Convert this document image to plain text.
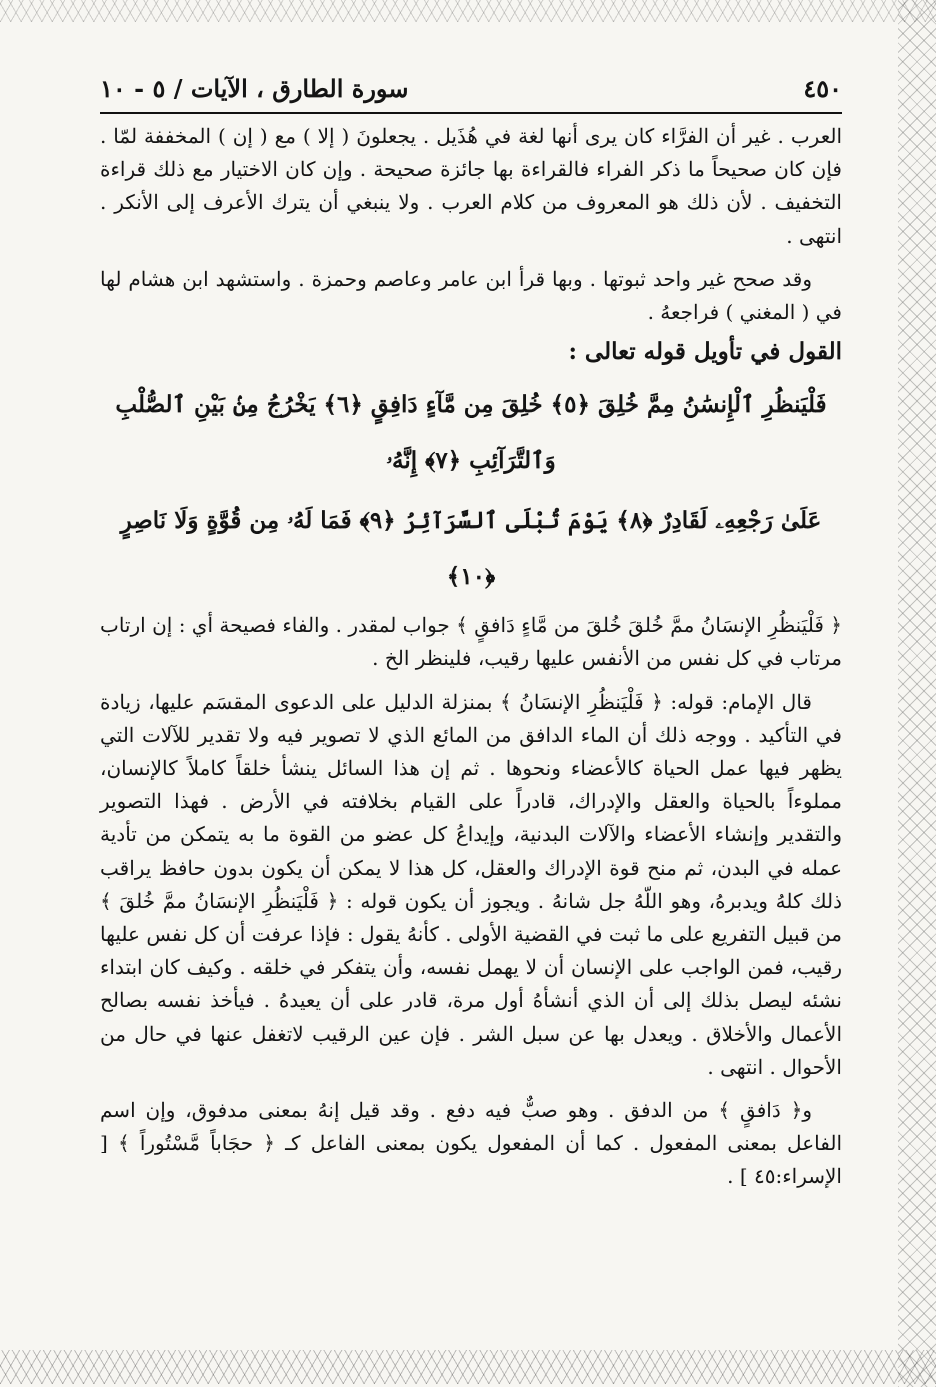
٤٥٠
سورة الطارق ، الآيات / ٥ - ١٠

العرب . غير أن الفرَّاء كان يرى أنها لغة في هُذَيل . يجعلونَ ( إلا ) مع ( إن ) المخففة لمّا . فإن كان صحيحاً ما ذكر الفراء فالقراءة بها جائزة صحيحة . وإن كان الاختيار مع ذلك قراءة التخفيف . لأن ذلك هو المعروف من كلام العرب . ولا ينبغي أن يترك الأعرف إلى الأنكر . انتهى .

وقد صحح غير واحد ثبوتها . وبها قرأ ابن عامر وعاصم وحمزة . واستشهد ابن هشام لها في ( المغني ) فراجعهُ .

القول في تأويل قوله تعالى :

فَلْيَنظُرِ ٱلْإِنسَٰنُ مِمَّ خُلِقَ ﴿٥﴾ خُلِقَ مِن مَّآءٍ دَافِقٍ ﴿٦﴾ يَخْرُجُ مِنۢ بَيْنِ ٱلصُّلْبِ وَٱلتَّرَآئِبِ ﴿٧﴾ إِنَّهُۥ

عَلَىٰ رَجْعِهِۦ لَقَادِرٌ ﴿٨﴾ يَوْمَ تُبْلَى ٱلسَّرَآئِرُ ﴿٩﴾ فَمَا لَهُۥ مِن قُوَّةٍ وَلَا نَاصِرٍ ﴿١٠﴾

﴿ فَلْيَنظُرِ الإنسَانُ ممَّ خُلقَ خُلقَ من مَّاءٍ دَافقٍ ﴾ جواب لمقدر . والفاء فصيحة أي : إن ارتاب مرتاب في كل نفس من الأنفس عليها رقيب، فلينظر الخ .

قال الإمام: قوله: ﴿ فَلْيَنظُرِ الإنسَانُ ﴾ بمنزلة الدليل على الدعوى المقسَم عليها، زيادة في التأكيد . ووجه ذلك أن الماء الدافق من المائع الذي لا تصوير فيه ولا تقدير للآلات التي يظهر فيها عمل الحياة كالأعضاء ونحوها . ثم إن هذا السائل ينشأ خلقاً كاملاً كالإنسان، مملوءاً بالحياة والعقل والإدراك، قادراً على القيام بخلافته في الأرض . فهذا التصوير والتقدير وإنشاء الأعضاء والآلات البدنية، وإيداعُ كل عضو من القوة ما به يتمكن من تأدية عمله في البدن، ثم منح قوة الإدراك والعقل، كل هذا لا يمكن أن يكون بدون حافظ يراقب ذلك كلهُ ويدبرهُ، وهو اللّهُ جل شانهُ . ويجوز أن يكون قوله : ﴿ فَلْيَنظُرِ الإنسَانُ ممَّ خُلقَ ﴾ من قبيل التفريع على ما ثبت في القضية الأولى . كأنهُ يقول : فإذا عرفت أن كل نفس عليها رقيب، فمن الواجب على الإنسان أن لا يهمل نفسه، وأن يتفكر في خلقه . وكيف كان ابتداء نشئه ليصل بذلك إلى أن الذي أنشأهُ أول مرة، قادر على أن يعيدهُ . فيأخذ نفسه بصالح الأعمال والأخلاق . ويعدل بها عن سبل الشر . فإن عين الرقيب لاتغفل عنها في حال من الأحوال . انتهى .

و﴿ دَافقٍ ﴾ من الدفق . وهو صبٌّ فيه دفع . وقد قيل إنهُ بمعنى مدفوق، وإن اسم الفاعل بمعنى المفعول . كما أن المفعول يكون بمعنى الفاعل كـ ﴿ حجَاباً مَّسْتُوراً ﴾ [ الإسراء:٤٥ ] .
